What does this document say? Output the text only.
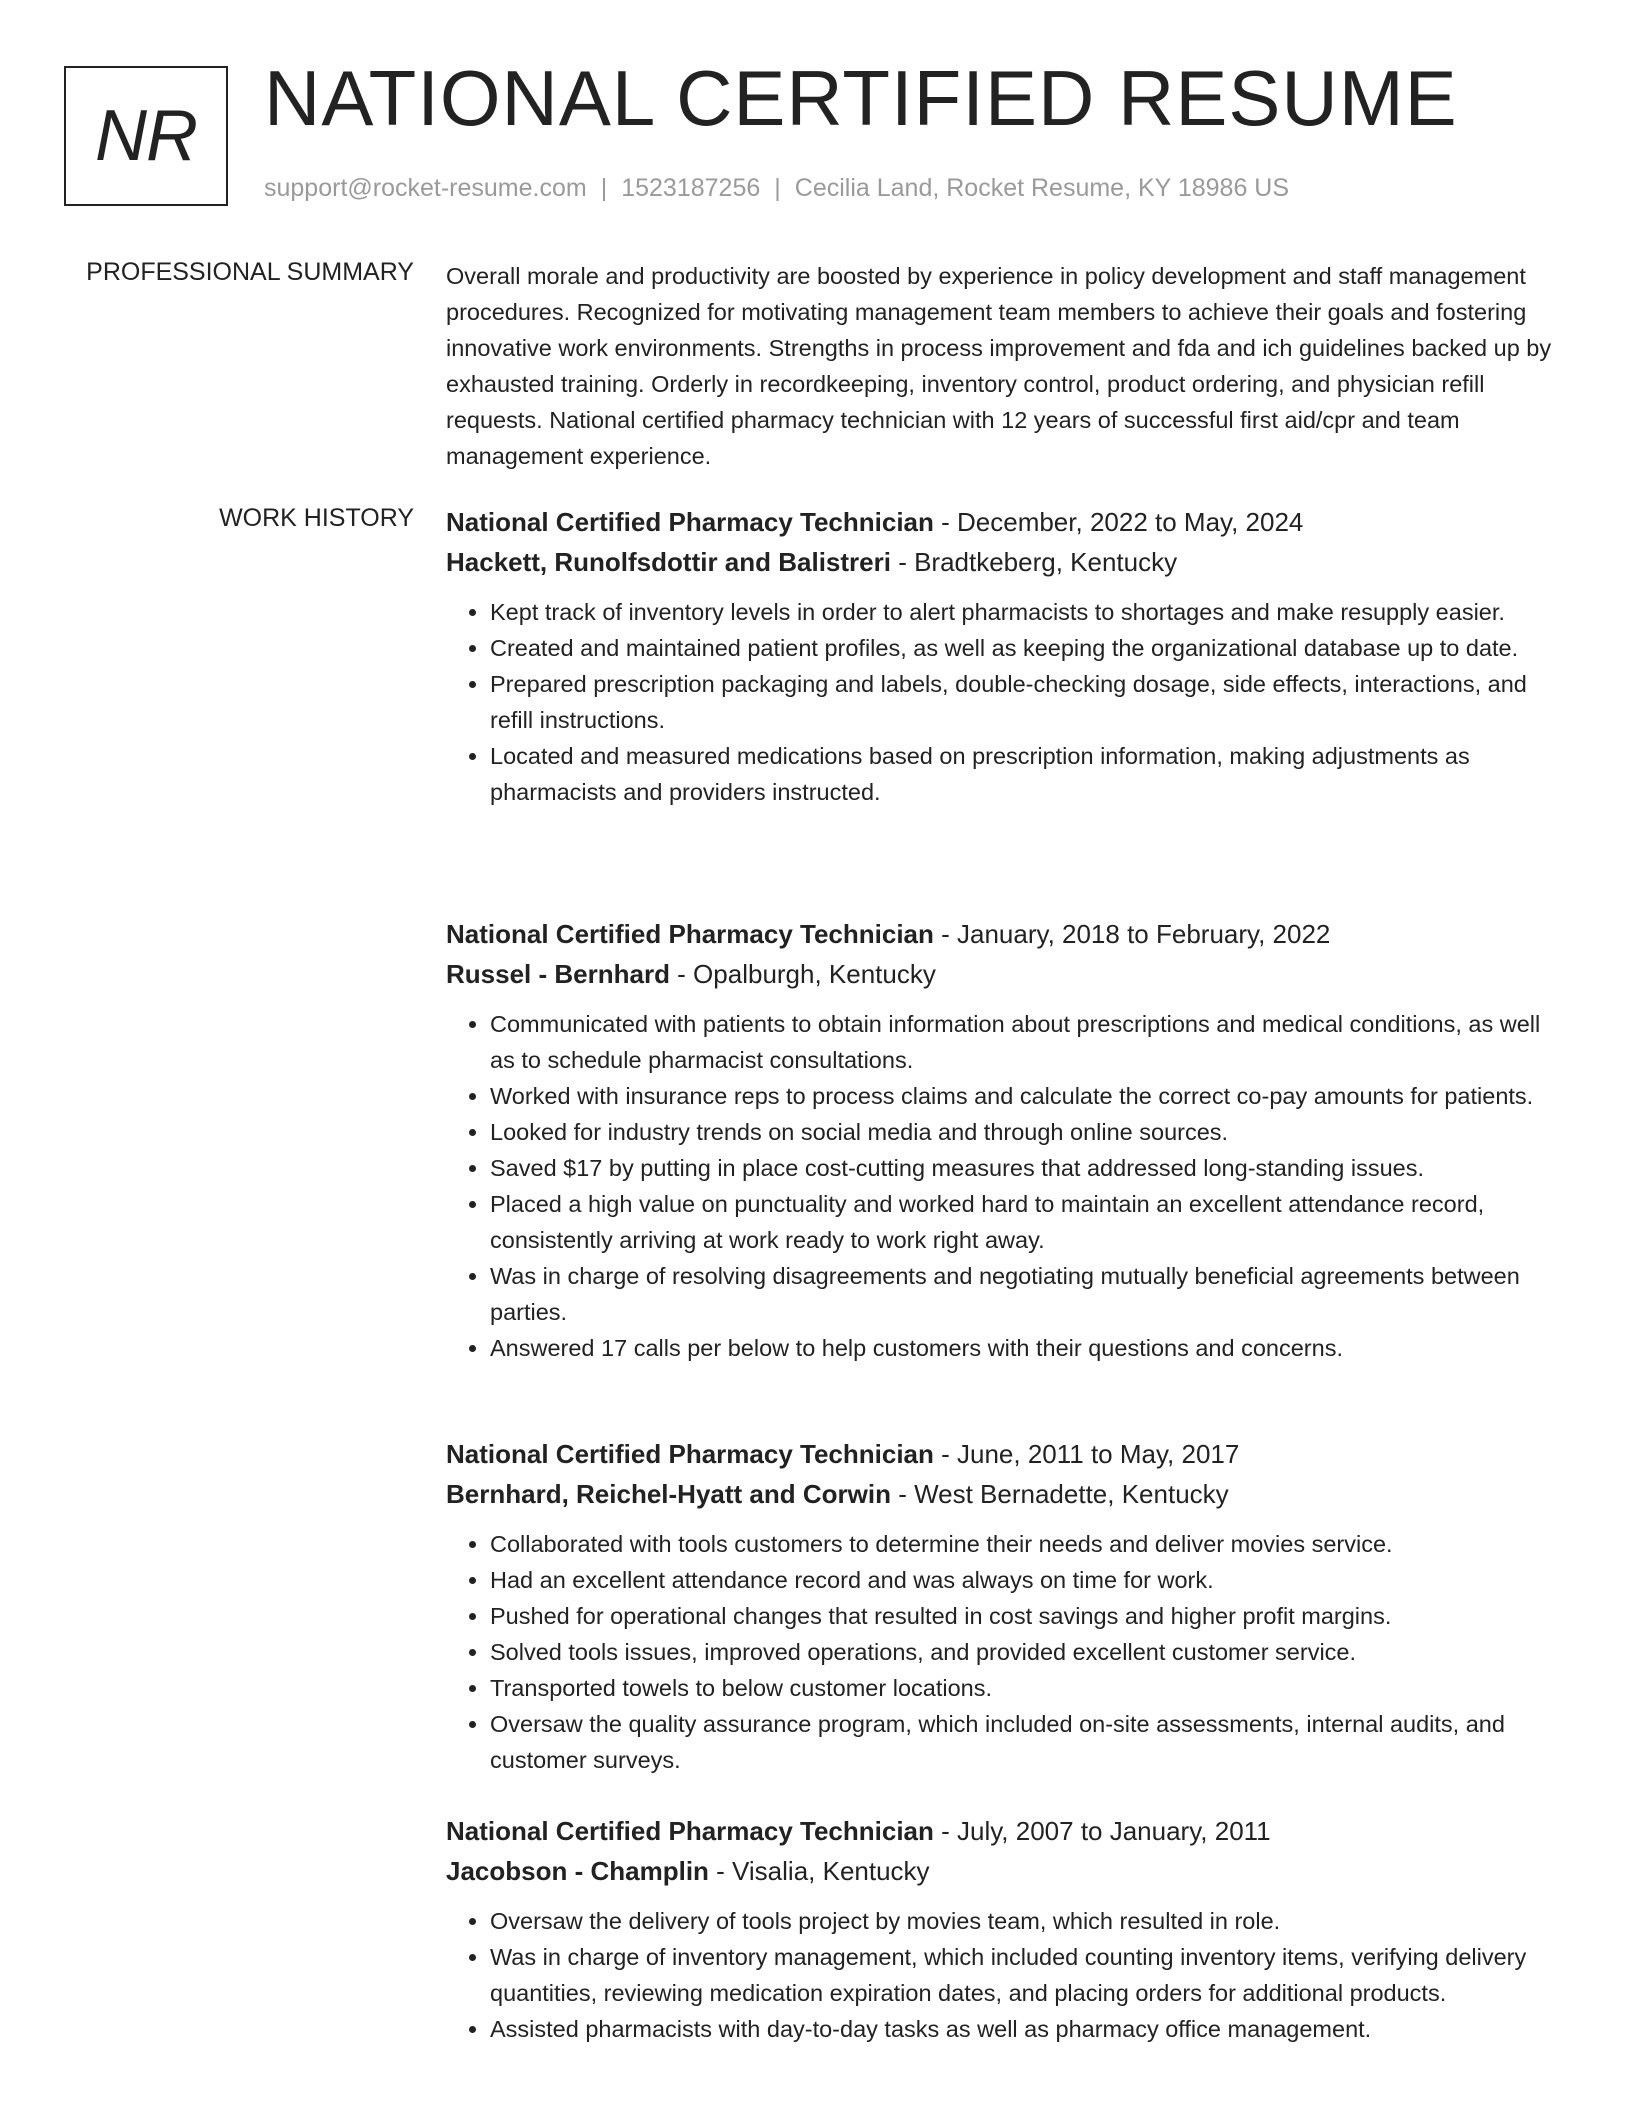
NR NATIONAL CERTIFIED RESUME
support@rocket-resume.com | 1523187256 | Cecilia Land, Rocket Resume, KY 18986 US
PROFESSIONAL SUMMARY Overall morale and productivity are boosted by experience in policy development and staff management procedures. Recognized for motivating management team members to achieve their goals and fostering innovative work environments. Strengths in process improvement and fda and ich guidelines backed up by exhausted training. Orderly in recordkeeping, inventory control, product ordering, and physician refill requests. National certified pharmacy technician with 12 years of successful first aid/cpr and team management experience.
WORK HISTORY National Certified Pharmacy Technician - December, 2022 to May, 2024
Hackett, Runolfsdottir and Balistreri - Bradtkeberg, Kentucky
• Kept track of inventory levels in order to alert pharmacists to shortages and make resupply easier.
• Created and maintained patient profiles, as well as keeping the organizational database up to date.
• Prepared prescription packaging and labels, double-checking dosage, side effects, interactions, and refill instructions.
• Located and measured medications based on prescription information, making adjustments as pharmacists and providers instructed.
National Certified Pharmacy Technician - January, 2018 to February, 2022
Russel - Bernhard - Opalburgh, Kentucky
• Communicated with patients to obtain information about prescriptions and medical conditions, as well as to schedule pharmacist consultations.
• Worked with insurance reps to process claims and calculate the correct co-pay amounts for patients.
• Looked for industry trends on social media and through online sources.
• Saved $17 by putting in place cost-cutting measures that addressed long-standing issues.
• Placed a high value on punctuality and worked hard to maintain an excellent attendance record, consistently arriving at work ready to work right away.
• Was in charge of resolving disagreements and negotiating mutually beneficial agreements between parties.
• Answered 17 calls per below to help customers with their questions and concerns.
National Certified Pharmacy Technician - June, 2011 to May, 2017
Bernhard, Reichel-Hyatt and Corwin - West Bernadette, Kentucky
• Collaborated with tools customers to determine their needs and deliver movies service.
• Had an excellent attendance record and was always on time for work.
• Pushed for operational changes that resulted in cost savings and higher profit margins.
• Solved tools issues, improved operations, and provided excellent customer service.
• Transported towels to below customer locations.
• Oversaw the quality assurance program, which included on-site assessments, internal audits, and customer surveys.
National Certified Pharmacy Technician - July, 2007 to January, 2011
Jacobson - Champlin - Visalia, Kentucky
• Oversaw the delivery of tools project by movies team, which resulted in role.
• Was in charge of inventory management, which included counting inventory items, verifying delivery quantities, reviewing medication expiration dates, and placing orders for additional products.
• Assisted pharmacists with day-to-day tasks as well as pharmacy office management.
